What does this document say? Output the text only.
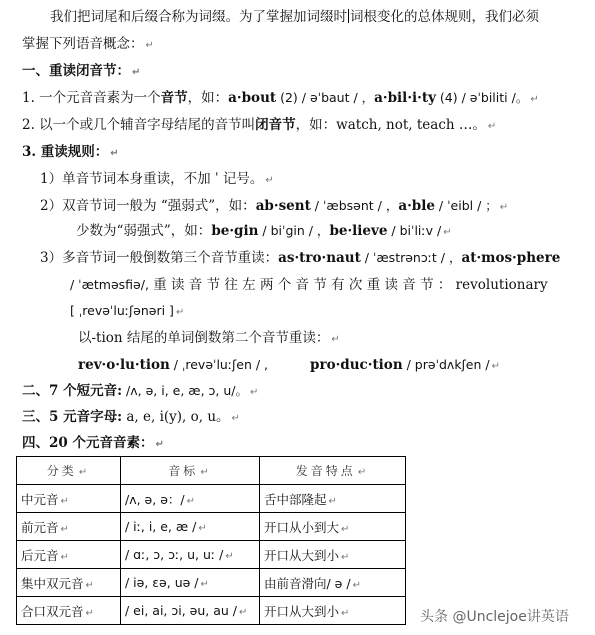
我们把词尾和后缀合称为词缀。为了掌握加词缀时 词根变化的总体规则，我们必须
掌握下列语音概念： ↵
一、重读闭音节： ↵
1. 一个元音音素为一个音节，如：a·bout (2) / əˈbaut / ，a·bil·i·ty (4) / əˈbiliti /。 ↵
2. 以一个或几个辅音字母结尾的音节叫闭音节，如：watch, not, teach …。 ↵
3. 重读规则： ↵
1）单音节词本身重读，不加 ˈ 记号。 ↵
2）双音节词一般为 “强弱式”，如：ab·sent / ˈæbsənt / ，a·ble / ˈeibl / ； ↵
少数为“弱强式”，如：be·gin / biˈgin / ，be·lieve / biˈliːv / ↵
3）多音节词一般倒数第三个音节重读：as·tro·naut / ˈæstrənɔːt / ，at·mos·phere
/ ˈætməsfiə/, 重 读 音 节 往 左 两 个 音 节 有 次 重 读 音 节 ： revolutionary
[ ˌrevəˈluːʃənəri ] ↵
以-tion 结尾的单词倒数第二个音节重读： ↵
rev·o·lu·tion / ˌrevəˈluːʃen / ,	pro·duc·tion / prəˈdʌkʃen / ↵
二、7 个短元音: /ʌ, ə, i, e, æ, ɔ, u/。 ↵
三、5 元音字母: a, e, i(y), o, u。 ↵
四、20 个元音音素： ↵
分类 ↵	音标 ↵	发音特点 ↵
中元音 ↵	/ʌ, ə, ə：/ ↵	舌中部隆起 ↵
前元音 ↵	/ iː, i, e, æ / ↵	开口从小到大 ↵
后元音 ↵	/ ɑː, ɔ, ɔː, u, uː / ↵	开口从大到小 ↵
集中双元音 ↵	/ iə, εə, uə / ↵	由前音滑向/ ə / ↵
合口双元音 ↵	/ ei, ai, ɔi, əu, au / ↵	开口从大到小 ↵	头条 @Unclejoe讲英语
